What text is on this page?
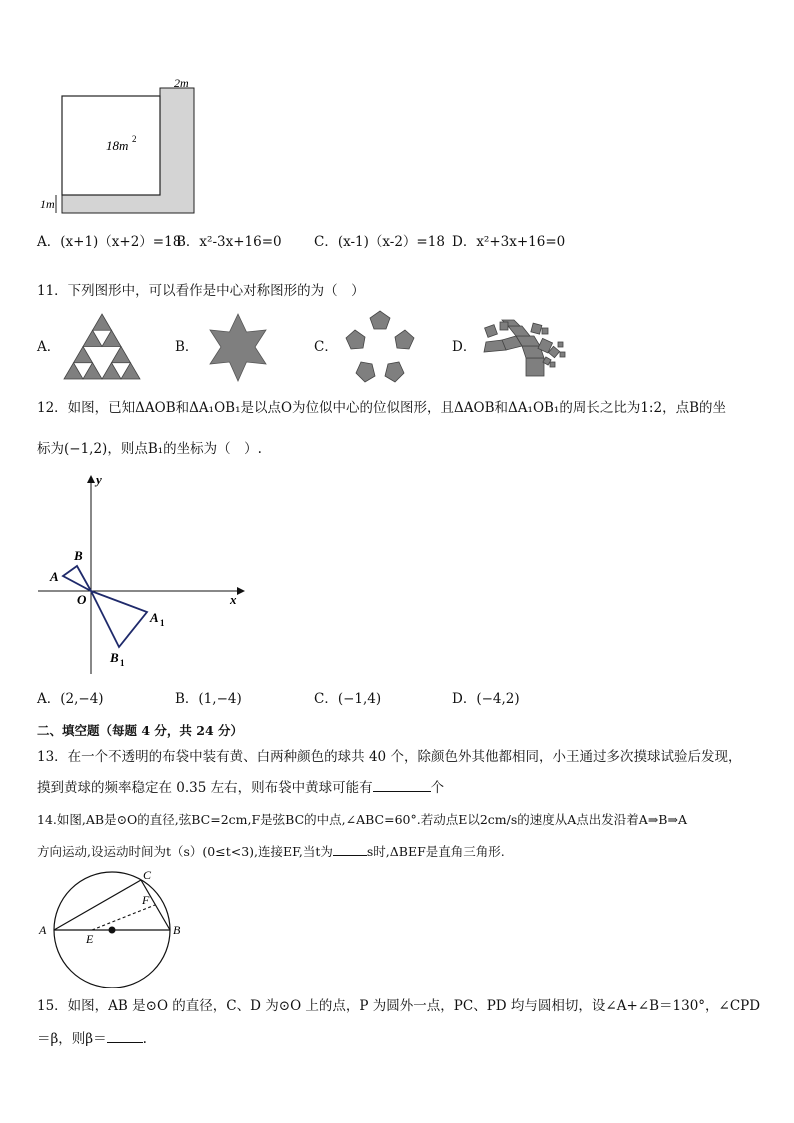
2m
18m 2
1m
A．(x+1)（x+2）=18
B．x²-3x+16=0 C．(x-1)（x-2）=18 D．x²+3x+16=0
11．下列图形中，可以看作是中心对称图形的为（　）
A．	B．	C．	D．
12．如图，已知ΔAOB和ΔA₁OB₁是以点O为位似中心的位似图形，且ΔAOB和ΔA₁OB₁的周长之比为1:2，点B的坐
标为(−1,2)，则点B₁的坐标为（　）.
y
x
B
A
O
A 1
B 1
A．(2,−4)	B．(1,−4)	C．(−1,4)	D．(−4,2)
二、填空题（每题 4 分，共 24 分）
13．在一个不透明的布袋中装有黄、白两种颜色的球共 40 个，除颜色外其他都相同，小王通过多次摸球试验后发现，
摸到黄球的频率稳定在 0.35 左右，则布袋中黄球可能有	个
14.如图,AB是⊙O的直径,弦BC=2cm,F是弦BC的中点,∠ABC=60°.若动点E以2cm/s的速度从A点出发沿着A⇒B⇒A
方向运动,设运动时间为t（s）(0≤t<3),连接EF,当t为	s时,ΔBEF是直角三角形.
A	B
C
E
F
15．如图，AB 是⊙O 的直径，C、D 为⊙O 上的点，P 为圆外一点，PC、PD 均与圆相切，设∠A+∠B＝130°，∠CPD
＝β，则β＝	.
